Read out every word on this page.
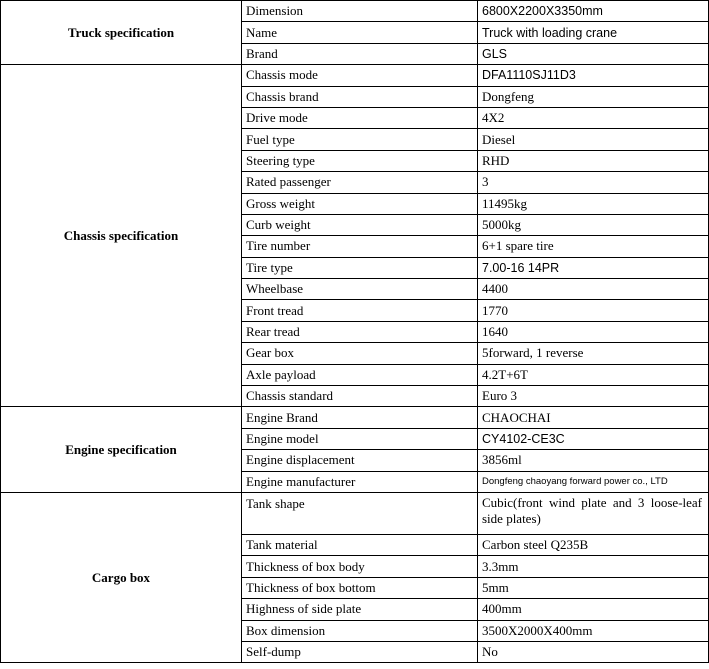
Truck specification	Dimension	6800X2200X3350mm
	Name	Truck with loading crane
	Brand	GLS
Chassis specification	Chassis mode	DFA1110SJ11D3
	Chassis brand	Dongfeng
	Drive mode	4X2
	Fuel type	Diesel
	Steering type	RHD
	Rated passenger	3
	Gross weight	11495kg
	Curb weight	5000kg
	Tire number	6+1 spare tire
	Tire type	7.00-16 14PR
	Wheelbase	4400
	Front tread	1770
	Rear tread	1640
	Gear box	5forward, 1 reverse
	Axle payload	4.2T+6T
	Chassis standard	Euro 3
Engine specification	Engine Brand	CHAOCHAI
	Engine model	CY4102-CE3C
	Engine displacement	3856ml
	Engine manufacturer	Dongfeng chaoyang forward power co., LTD
Cargo box	Tank shape	Cubic(front wind plate and 3 loose-leaf side plates)
	Tank material	Carbon steel Q235B
	Thickness of box body	3.3mm
	Thickness of box bottom	5mm
	Highness of side plate	400mm
	Box dimension	3500X2000X400mm
	Self-dump	No
